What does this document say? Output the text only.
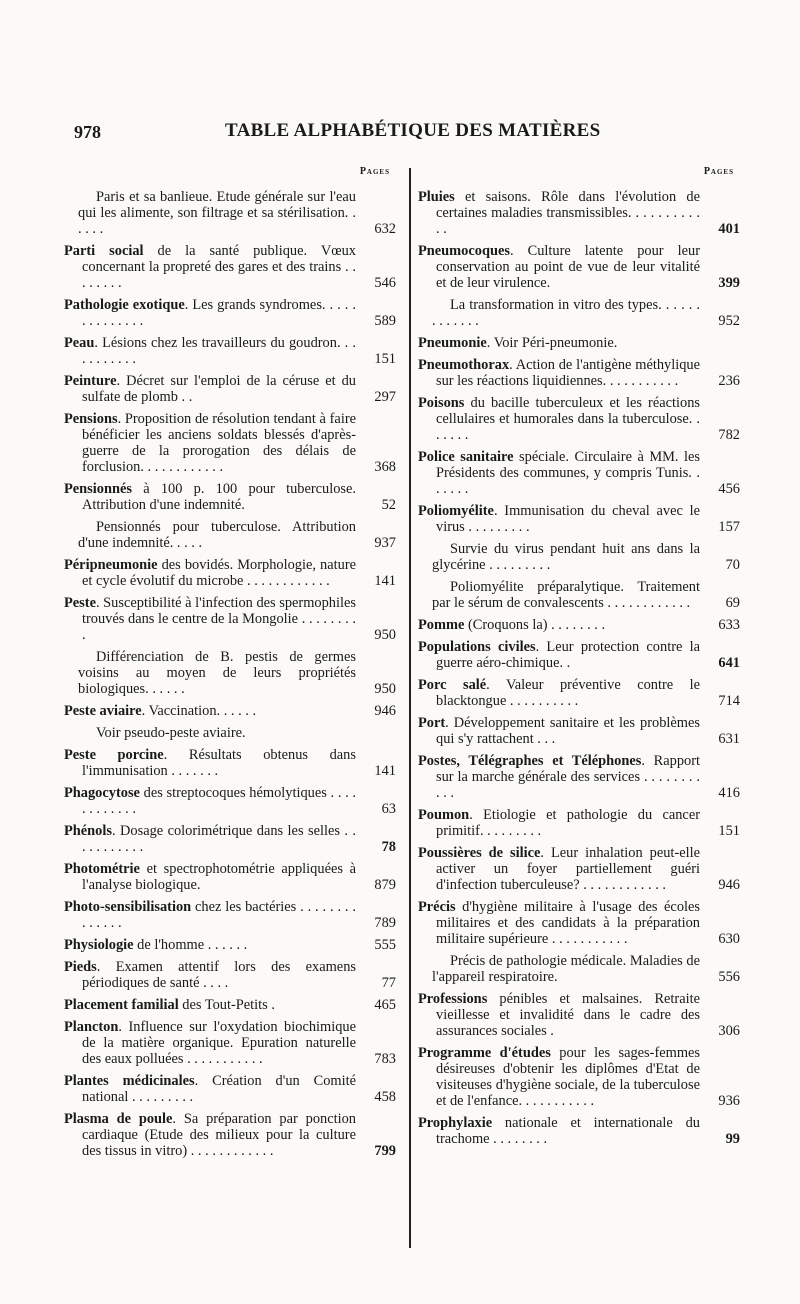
978	TABLE ALPHABÉTIQUE DES MATIÈRES
Pages
Paris et sa banlieue. Etude générale sur l'eau qui les alimente, son filtrage et sa stérilisation. . . . . .	632
Parti social de la santé publique. Vœux concernant la propreté des gares et des trains . . . . . . . .	546
Pathologie exotique. Les grands syndromes. . . . . . . . . . . . . .	589
Peau. Lésions chez les travailleurs du goudron. . . . . . . . . . .	151
Peinture. Décret sur l'emploi de la céruse et du sulfate de plomb . .	297
Pensions. Proposition de résolution tendant à faire bénéficier les anciens soldats blessés d'après-guerre de la prorogation des délais de forclusion. . . . . . . . . . . .	368
Pensionnés à 100 p. 100 pour tuberculose. Attribution d'une indemnité.	52
Pensionnés pour tuberculose. Attribution d'une indemnité. . . . .	937
Péripneumonie des bovidés. Morphologie, nature et cycle évolutif du microbe . . . . . . . . . . . .	141
Peste. Susceptibilité à l'infection des spermophiles trouvés dans le centre de la Mongolie . . . . . . . . .	950
Différenciation de B. pestis de germes voisins au moyen de leurs propriétés biologiques. . . . . .	950
Peste aviaire. Vaccination. . . . . .	946
Voir pseudo-peste aviaire.
Peste porcine. Résultats obtenus dans l'immunisation . . . . . . .	141
Phagocytose des streptocoques hémolytiques . . . . . . . . . . . .	63
Phénols. Dosage colorimétrique dans les selles . . . . . . . . . . .	78
Photométrie et spectrophotométrie appliquées à l'analyse biologique.	879
Photo-sensibilisation chez les bactéries . . . . . . . . . . . . . .	789
Physiologie de l'homme . . . . . .	555
Pieds. Examen attentif lors des examens périodiques de santé . . . .	77
Placement familial des Tout-Petits .	465
Plancton. Influence sur l'oxydation biochimique de la matière organique. Epuration naturelle des eaux polluées . . . . . . . . . . .	783
Plantes médicinales. Création d'un Comité national . . . . . . . . .	458
Plasma de poule. Sa préparation par ponction cardiaque (Etude des milieux pour la culture des tissus in vitro) . . . . . . . . . . . .	799
Pages
Pluies et saisons. Rôle dans l'évolution de certaines maladies transmissibles. . . . . . . . . . . .	401
Pneumocoques. Culture latente pour leur conservation au point de vue de leur vitalité et de leur virulence.	399
La transformation in vitro des types. . . . . . . . . . . . .	952
Pneumonie. Voir Péri-pneumonie.
Pneumothorax. Action de l'antigène méthylique sur les réactions liquidiennes. . . . . . . . . . .	236
Poisons du bacille tuberculeux et les réactions cellulaires et humorales dans la tuberculose. . . . . . .	782
Police sanitaire spéciale. Circulaire à MM. les Présidents des communes, y compris Tunis. . . . . . .	456
Poliomyélite. Immunisation du cheval avec le virus . . . . . . . . .	157
Survie du virus pendant huit ans dans la glycérine . . . . . . . . .	70
Poliomyélite préparalytique. Traitement par le sérum de convalescents . . . . . . . . . . . .	69
Pomme (Croquons la) . . . . . . . .	633
Populations civiles. Leur protection contre la guerre aéro-chimique. .	641
Porc salé. Valeur préventive contre le blacktongue . . . . . . . . . .	714
Port. Développement sanitaire et les problèmes qui s'y rattachent . . .	631
Postes, Télégraphes et Téléphones. Rapport sur la marche générale des services . . . . . . . . . . .	416
Poumon. Etiologie et pathologie du cancer primitif. . . . . . . . .	151
Poussières de silice. Leur inhalation peut-elle activer un foyer partiellement guéri d'infection tuberculeuse? . . . . . . . . . . . .	946
Précis d'hygiène militaire à l'usage des écoles militaires et des candidats à la préparation militaire supérieure . . . . . . . . . . .	630
Précis de pathologie médicale. Maladies de l'appareil respiratoire.	556
Professions pénibles et malsaines. Retraite vieillesse et invalidité dans le cadre des assurances sociales .	306
Programme d'études pour les sages-femmes désireuses d'obtenir les diplômes d'Etat de visiteuses d'hygiène sociale, de la tuberculose et de l'enfance. . . . . . . . . . .	936
Prophylaxie nationale et internationale du trachome . . . . . . . .	99
